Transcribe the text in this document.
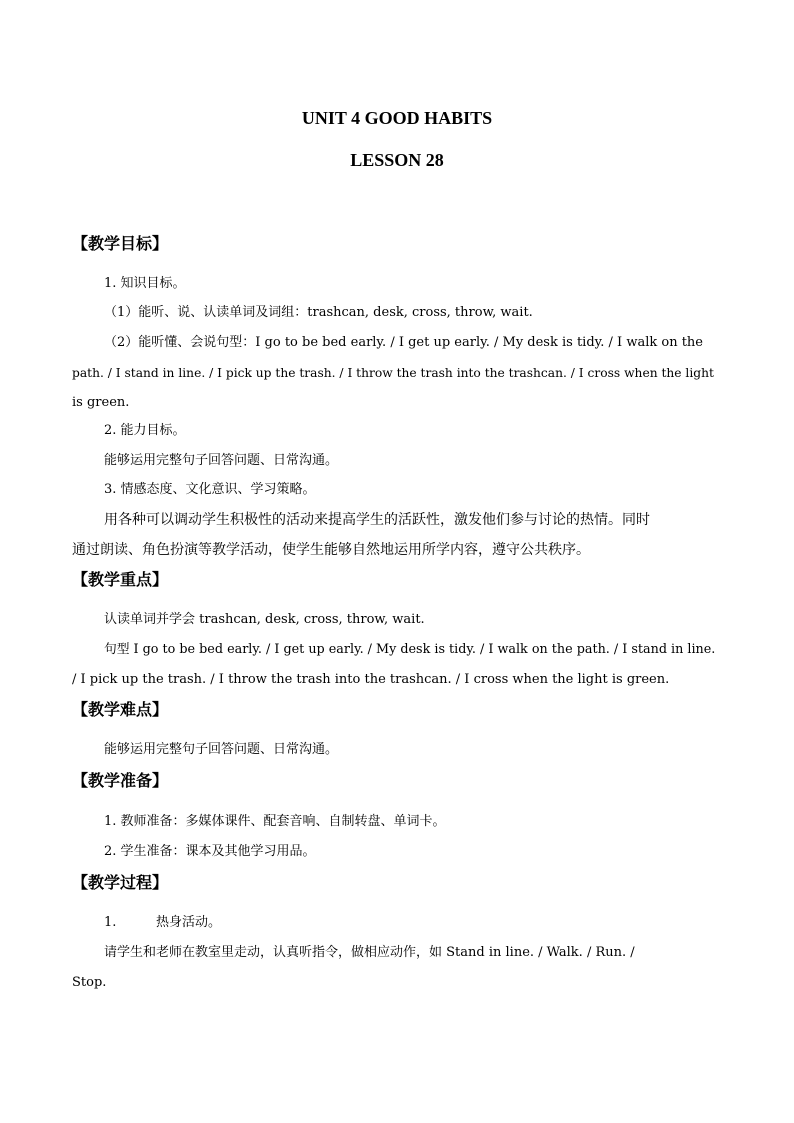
UNIT 4 GOOD HABITS
LESSON 28
【教学目标】
1. 知识目标。
（1）能听、说、认读单词及词组：trashcan, desk, cross, throw, wait.
（2）能听懂、会说句型：I go to be bed early. / I get up early. / My desk is tidy. / I walk on the
path. / I stand in line. / I pick up the trash. / I throw the trash into the trashcan. / I cross when the light
is green.
2. 能力目标。
能够运用完整句子回答问题、日常沟通。
3. 情感态度、文化意识、学习策略。
用各种可以调动学生积极性的活动来提高学生的活跃性，激发他们参与讨论的热情。同时
通过朗读、角色扮演等教学活动，使学生能够自然地运用所学内容，遵守公共秩序。
【教学重点】
认读单词并学会 trashcan, desk, cross, throw, wait.
句型 I go to be bed early. / I get up early. / My desk is tidy. / I walk on the path. / I stand in line.
/ I pick up the trash. / I throw the trash into the trashcan. / I cross when the light is green.
【教学难点】
能够运用完整句子回答问题、日常沟通。
【教学准备】
1. 教师准备：多媒体课件、配套音响、自制转盘、单词卡。
2. 学生准备：课本及其他学习用品。
【教学过程】
1.	热身活动。
请学生和老师在教室里走动，认真听指令，做相应动作，如 Stand in line. / Walk. / Run. /
Stop.
